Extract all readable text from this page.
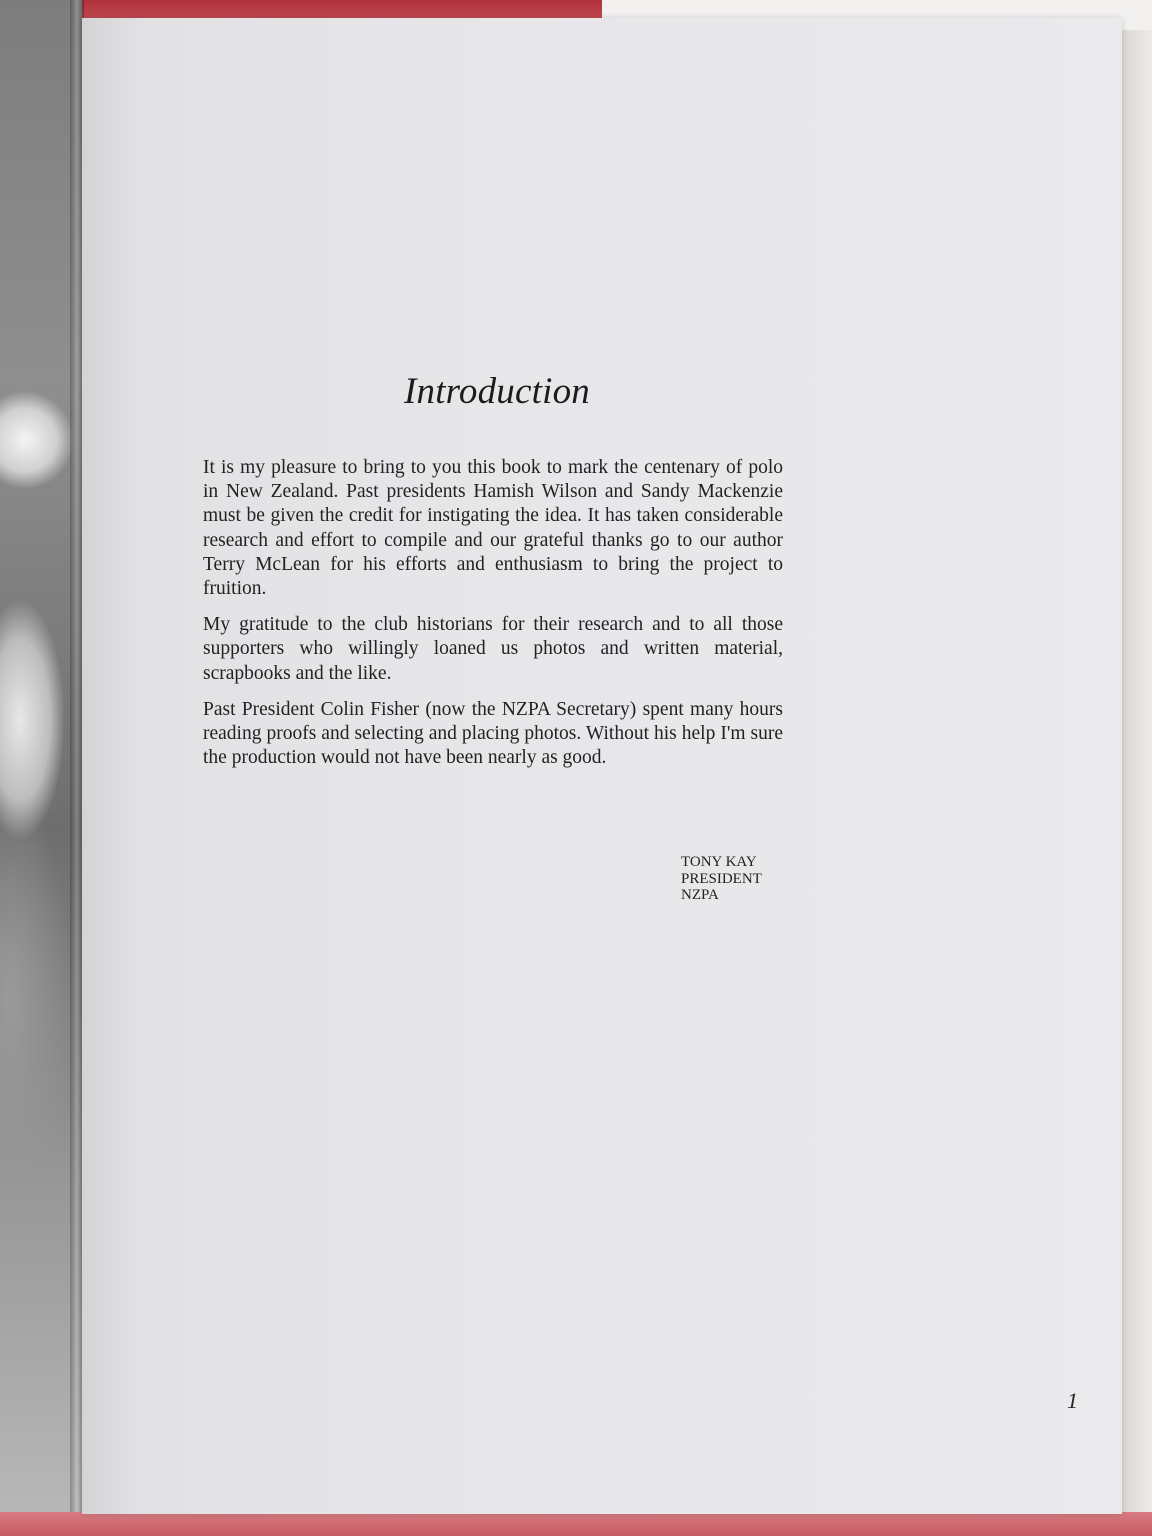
Introduction

It is my pleasure to bring to you this book to mark the centenary of polo in New Zealand. Past presidents Hamish Wilson and Sandy Mackenzie must be given the credit for instigating the idea. It has taken considerable research and effort to compile and our grateful thanks go to our author Terry McLean for his efforts and enthusiasm to bring the project to fruition.

My gratitude to the club historians for their research and to all those supporters who willingly loaned us photos and written material, scrapbooks and the like.

Past President Colin Fisher (now the NZPA Secretary) spent many hours reading proofs and selecting and placing photos. Without his help I'm sure the production would not have been nearly as good.

TONY KAY
PRESIDENT
NZPA
1
